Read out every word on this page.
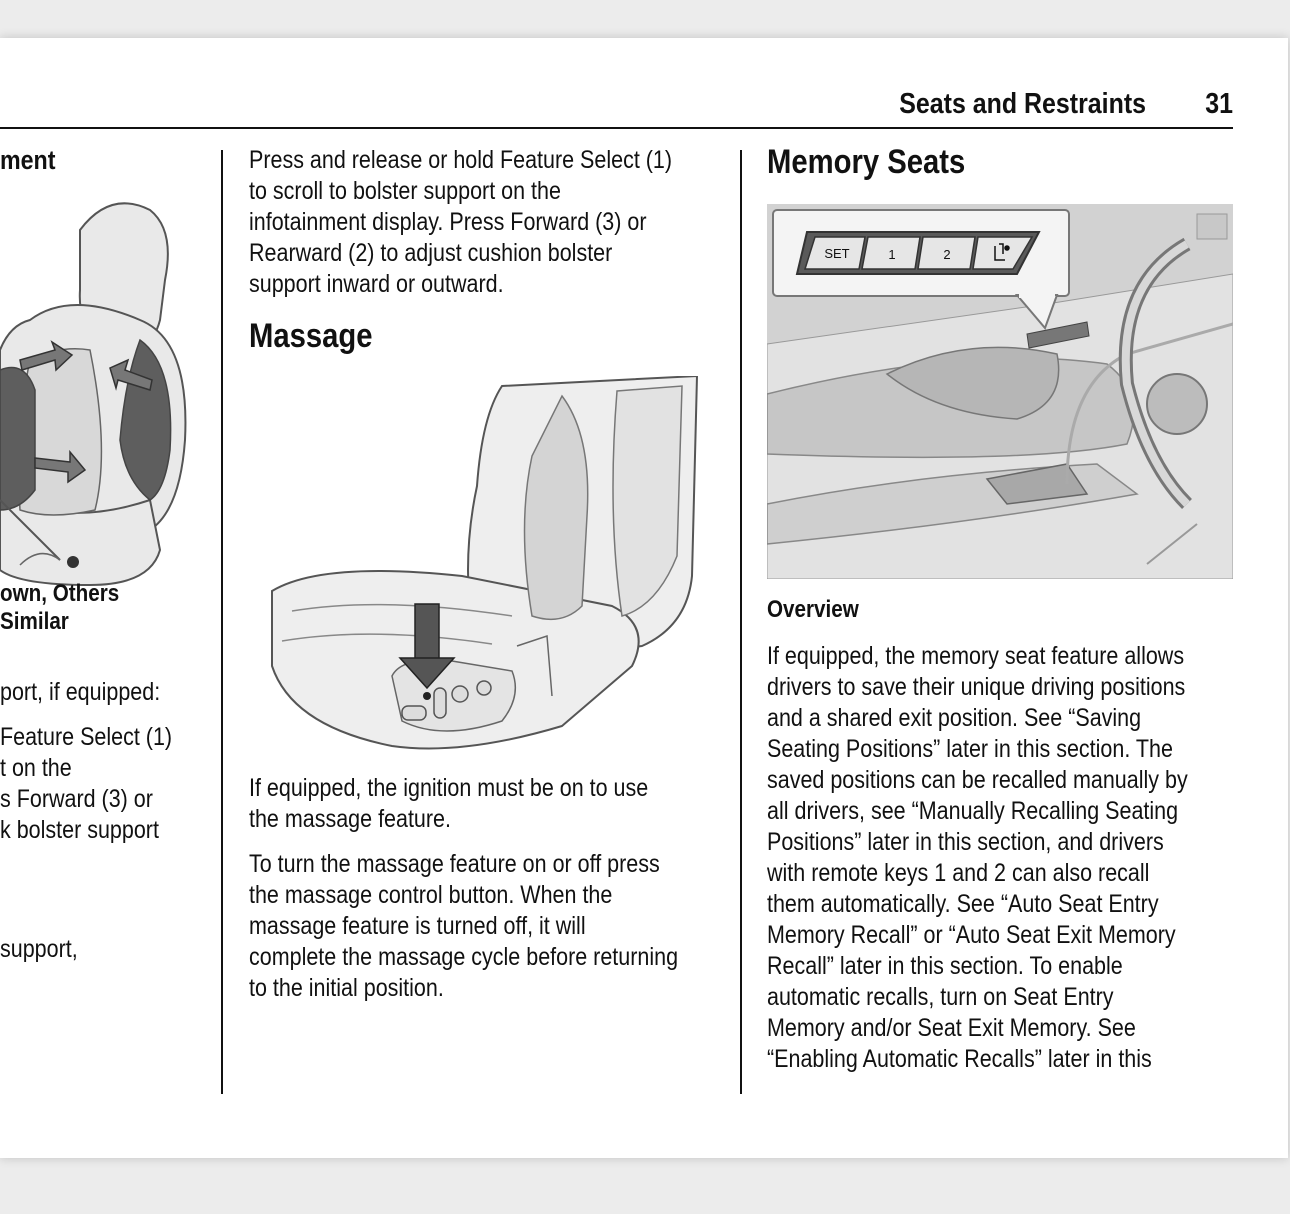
Seats and Restraints	31
ment
own, Others Similar
port, if equipped:
Feature Select (1)
t on the
s Forward (3) or
k bolster support
support,
Press and release or hold Feature Select (1)
to scroll to bolster support on the
infotainment display. Press Forward (3) or
Rearward (2) to adjust cushion bolster
support inward or outward.
Massage
If equipped, the ignition must be on to use
the massage feature.
To turn the massage feature on or off press
the massage control button. When the
massage feature is turned off, it will
complete the massage cycle before returning
to the initial position.
Memory Seats
SET	1	2
Overview
If equipped, the memory seat feature allows
drivers to save their unique driving positions
and a shared exit position. See “Saving
Seating Positions” later in this section. The
saved positions can be recalled manually by
all drivers, see “Manually Recalling Seating
Positions” later in this section, and drivers
with remote keys 1 and 2 can also recall
them automatically. See “Auto Seat Entry
Memory Recall” or “Auto Seat Exit Memory
Recall” later in this section. To enable
automatic recalls, turn on Seat Entry
Memory and/or Seat Exit Memory. See
“Enabling Automatic Recalls” later in this
